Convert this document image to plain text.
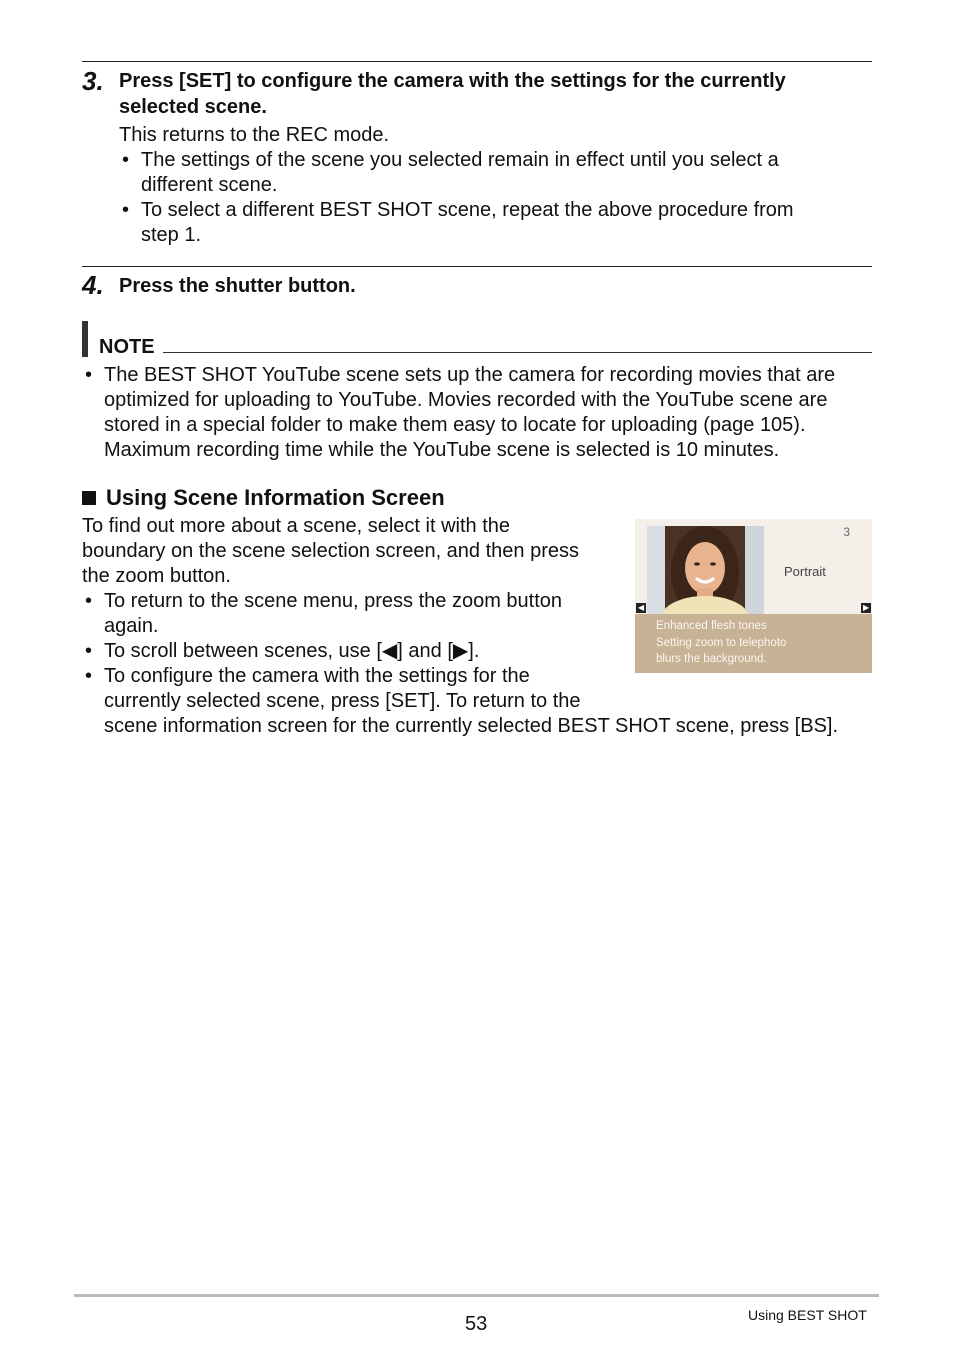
3. Press [SET] to configure the camera with the settings for the currently
selected scene.
This returns to the REC mode.
• The settings of the scene you selected remain in effect until you select a
different scene.
• To select a different BEST SHOT scene, repeat the above procedure from
step 1.
4. Press the shutter button.
NOTE
• The BEST SHOT YouTube scene sets up the camera for recording movies that are
optimized for uploading to YouTube. Movies recorded with the YouTube scene are
stored in a special folder to make them easy to locate for uploading (page 105).
Maximum recording time while the YouTube scene is selected is 10 minutes.
Using Scene Information Screen
To find out more about a scene, select it with the
boundary on the scene selection screen, and then press
the zoom button.
• To return to the scene menu, press the zoom button
again.
• To scroll between scenes, use [◀] and [▶].
• To configure the camera with the settings for the
currently selected scene, press [SET]. To return to the
scene information screen for the currently selected BEST SHOT scene, press [BS].
3
Portrait
◀	▶
Enhanced flesh tones
Setting zoom to telephoto
blurs the background.
53	Using BEST SHOT
